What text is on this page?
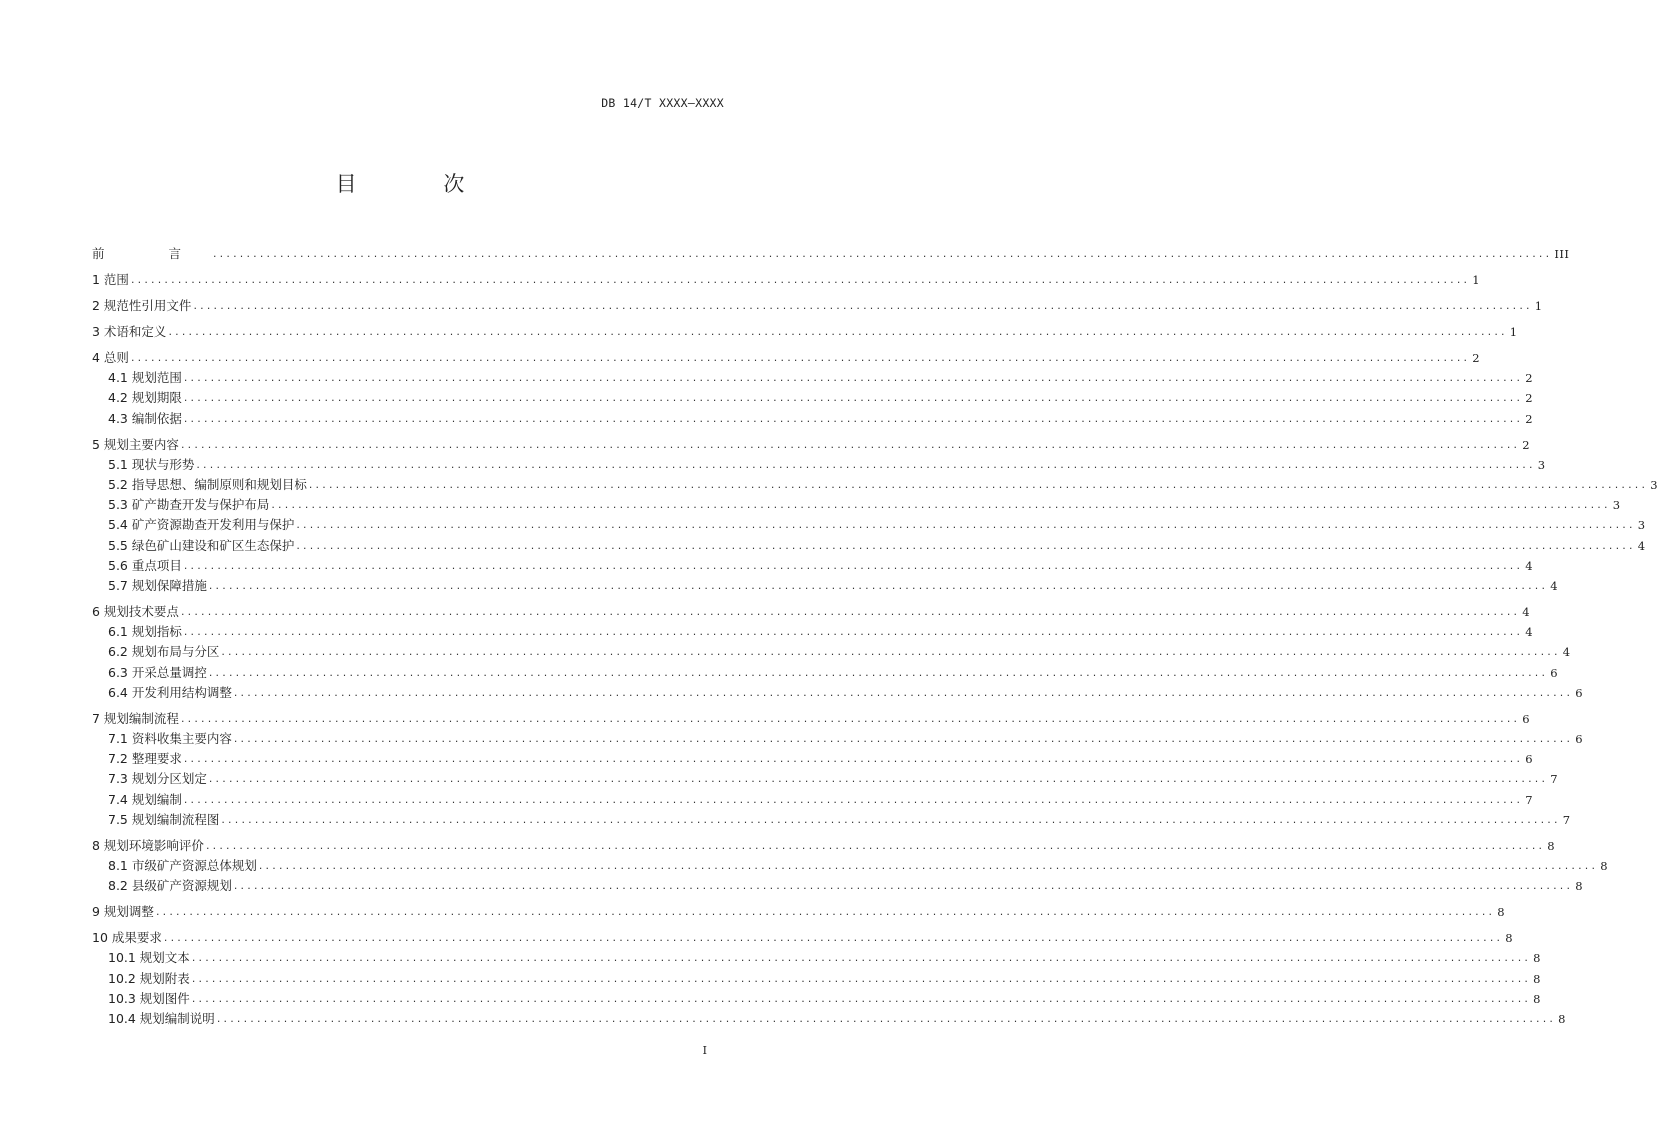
DB 14/T XXXX—XXXX
目 次
前 言 ........................................................................................................................................................................................................ III
1 范围 ........................................................................................................................................................................................................ 1
2 规范性引用文件 ........................................................................................................................................................................................................ 1
3 术语和定义 ........................................................................................................................................................................................................ 1
4 总则 ........................................................................................................................................................................................................ 2
4.1 规划范围 ........................................................................................................................................................................................................ 2
4.2 规划期限 ........................................................................................................................................................................................................ 2
4.3 编制依据 ........................................................................................................................................................................................................ 2
5 规划主要内容 ........................................................................................................................................................................................................ 2
5.1 现状与形势 ........................................................................................................................................................................................................ 3
5.2 指导思想、编制原则和规划目标 ........................................................................................................................................................................................................ 3
5.3 矿产勘查开发与保护布局 ........................................................................................................................................................................................................ 3
5.4 矿产资源勘查开发利用与保护 ........................................................................................................................................................................................................ 3
5.5 绿色矿山建设和矿区生态保护 ........................................................................................................................................................................................................ 4
5.6 重点项目 ........................................................................................................................................................................................................ 4
5.7 规划保障措施 ........................................................................................................................................................................................................ 4
6 规划技术要点 ........................................................................................................................................................................................................ 4
6.1 规划指标 ........................................................................................................................................................................................................ 4
6.2 规划布局与分区 ........................................................................................................................................................................................................ 4
6.3 开采总量调控 ........................................................................................................................................................................................................ 6
6.4 开发利用结构调整 ........................................................................................................................................................................................................ 6
7 规划编制流程 ........................................................................................................................................................................................................ 6
7.1 资料收集主要内容 ........................................................................................................................................................................................................ 6
7.2 整理要求 ........................................................................................................................................................................................................ 6
7.3 规划分区划定 ........................................................................................................................................................................................................ 7
7.4 规划编制 ........................................................................................................................................................................................................ 7
7.5 规划编制流程图 ........................................................................................................................................................................................................ 7
8 规划环境影响评价 ........................................................................................................................................................................................................ 8
8.1 市级矿产资源总体规划 ........................................................................................................................................................................................................ 8
8.2 县级矿产资源规划 ........................................................................................................................................................................................................ 8
9 规划调整 ........................................................................................................................................................................................................ 8
10 成果要求 ........................................................................................................................................................................................................ 8
10.1 规划文本 ........................................................................................................................................................................................................ 8
10.2 规划附表 ........................................................................................................................................................................................................ 8
10.3 规划图件 ........................................................................................................................................................................................................ 8
10.4 规划编制说明 ........................................................................................................................................................................................................ 8
I
